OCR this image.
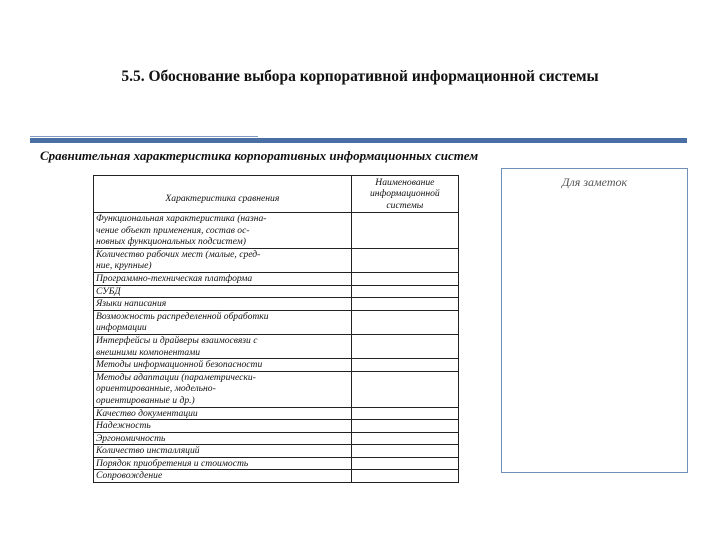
5.5. Обоснование выбора корпоративной информационной системы
Сравнительная характеристика корпоративных информационных систем
Характеристика сравнения	Наименование
информационной системы

Функциональная характеристика (назна-
чение объект применения, состав ос-
новных функциональных подсистем)	

Количество рабочих мест (малые, сред-
ние, крупные)	

Программно-техническая платформа	

СУБД	

Языки написания	

Возможность распределенной обработки
информации	

Интерфейсы и драйверы взаимосвязи с
внешними компонентами	

Методы информационной безопасности	

Методы адаптации (параметрически-
ориентированные, модельно-
ориентированные и др.)	

Качество документации	

Надежность	

Эргономичность	

Количество инсталляций	

Порядок приобретения и стоимость	

Сопровождение	

Для заметок
